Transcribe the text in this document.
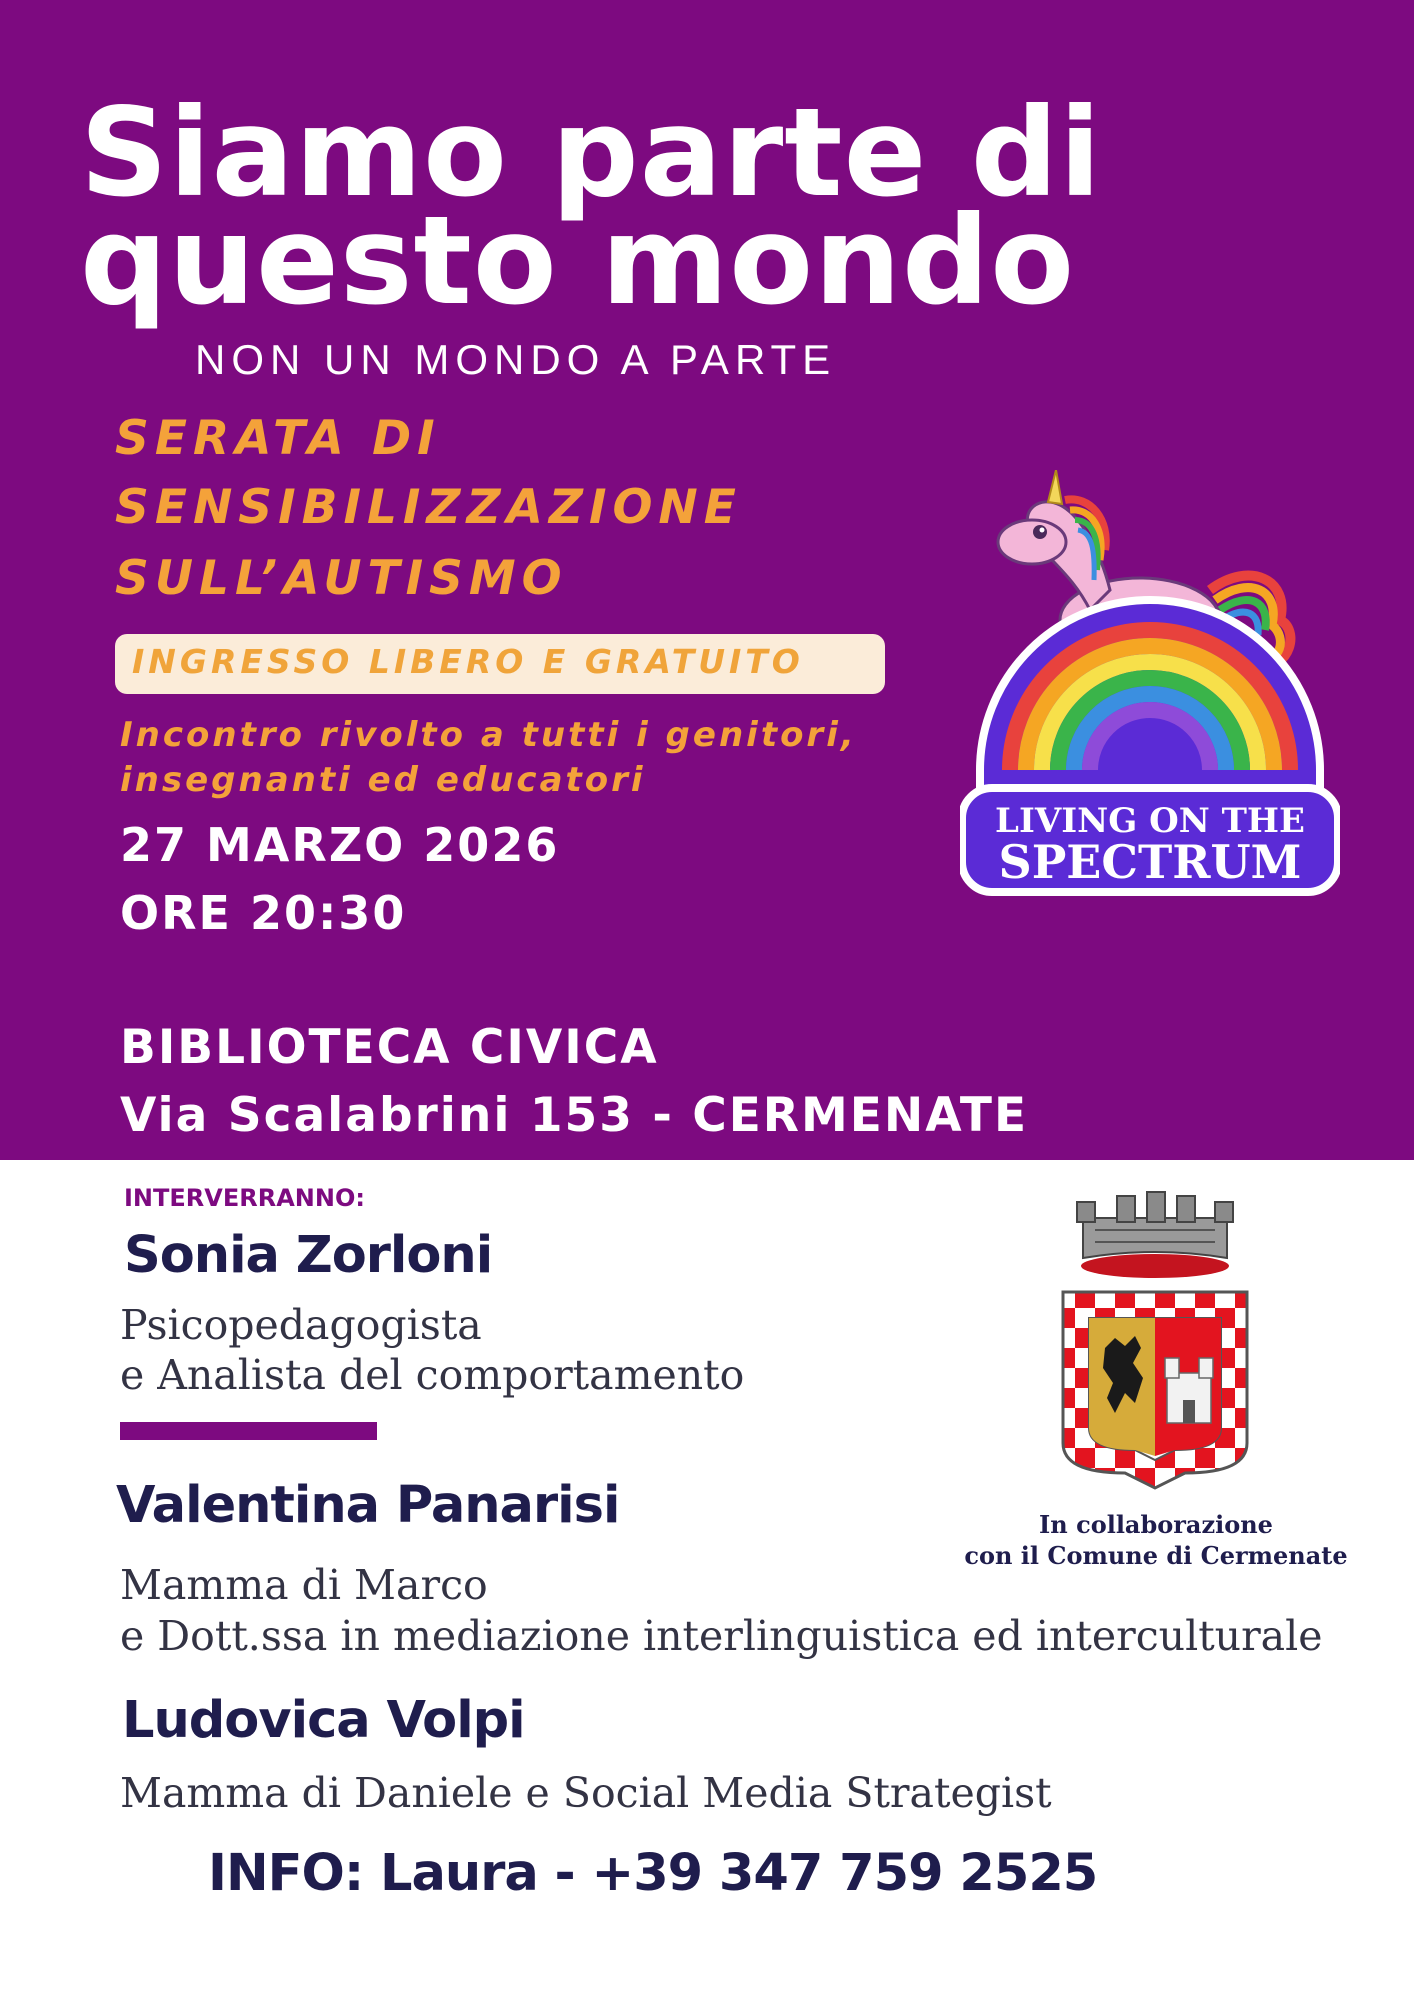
Siamo parte di
questo mondo
NON UN MONDO A PARTE
SERATA DI
SENSIBILIZZAZIONE
SULL’AUTISMO
INGRESSO LIBERO E GRATUITO
Incontro rivolto a tutti i genitori,
insegnanti ed educatori
27 MARZO 2026
ORE 20:30
BIBLIOTECA CIVICA
Via Scalabrini 153 - CERMENATE
LIVING ON THE
SPECTRUM
INTERVERRANNO:
Sonia Zorloni
Psicopedagogista
e Analista del comportamento
Valentina Panarisi
Mamma di Marco
e Dott.ssa in mediazione interlinguistica ed interculturale
Ludovica Volpi
Mamma di Daniele e Social Media Strategist
INFO: Laura - +39 347 759 2525
In collaborazione
con il Comune di Cermenate
